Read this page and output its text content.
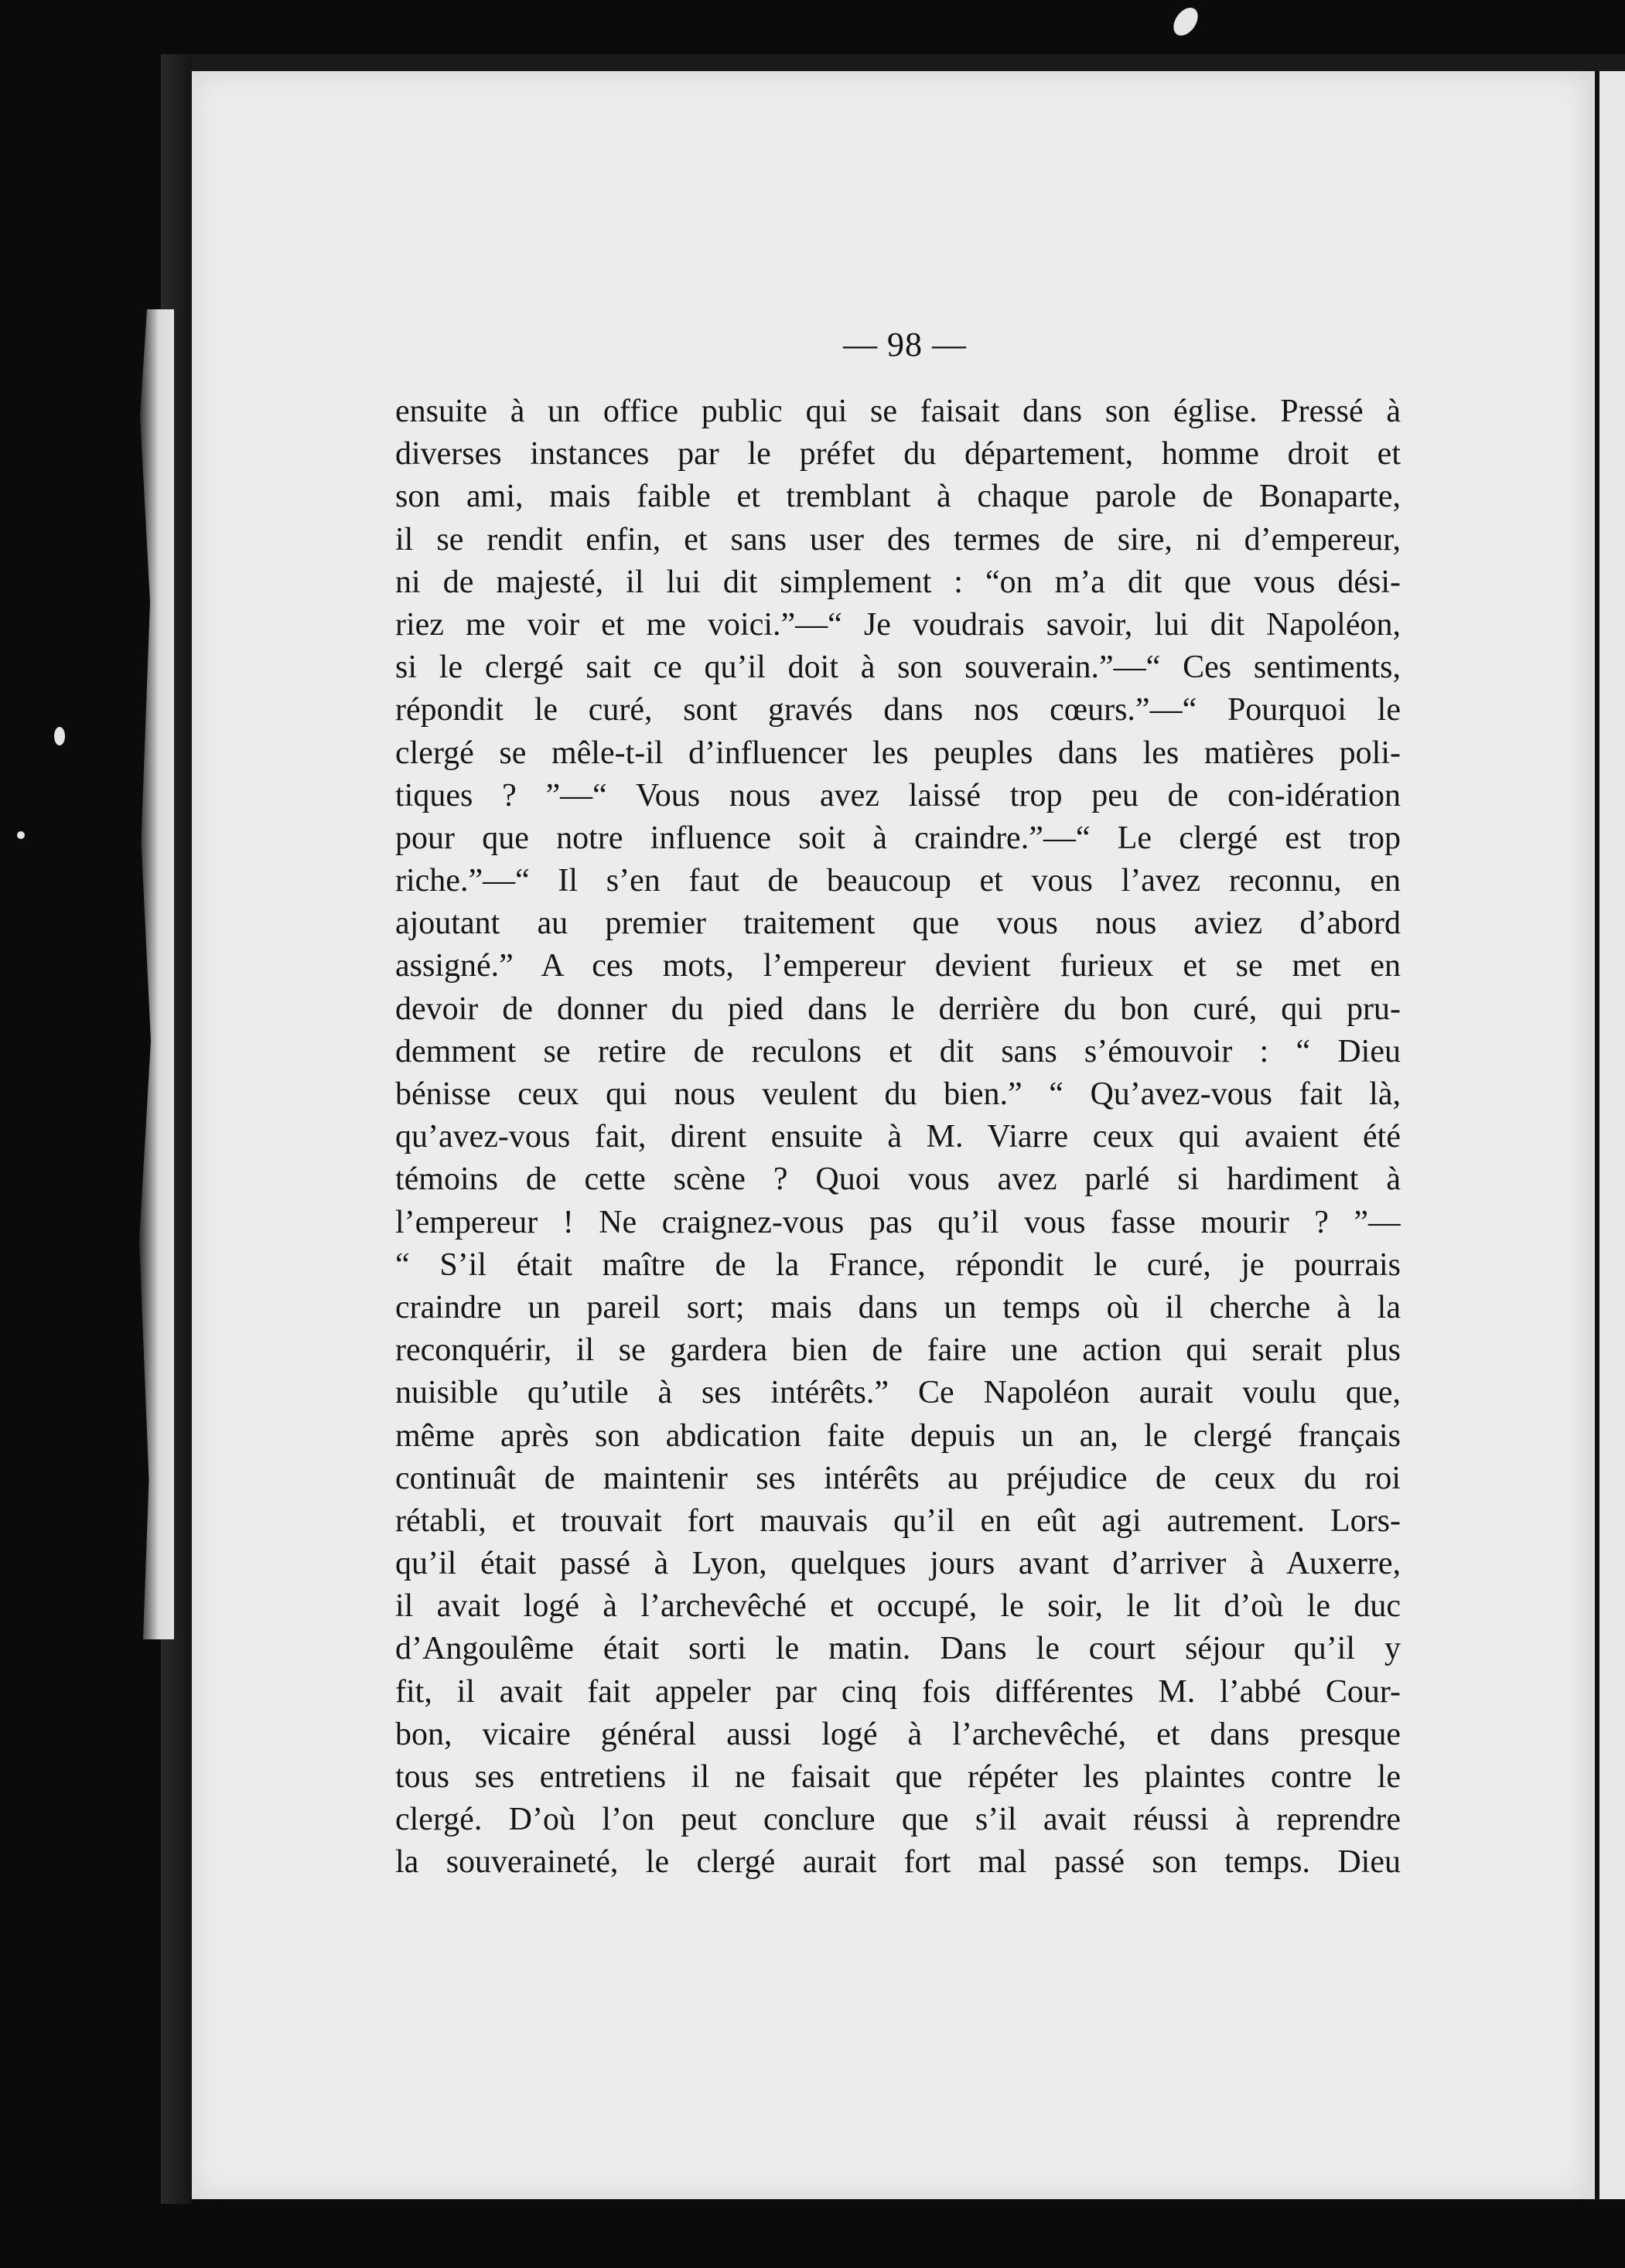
— 98 —
ensuite à un office public qui se faisait dans son église. Pressé à
diverses instances par le préfet du département, homme droit et
son ami, mais faible et tremblant à chaque parole de Bonaparte,
il se rendit enfin, et sans user des termes de sire, ni d’empereur,
ni de majesté, il lui dit simplement : “on m’a dit que vous dési-
riez me voir et me voici.”—“ Je voudrais savoir, lui dit Napoléon,
si le clergé sait ce qu’il doit à son souverain.”—“ Ces sentiments,
répondit le curé, sont gravés dans nos cœurs.”—“ Pourquoi le
clergé se mêle-t-il d’influencer les peuples dans les matières poli-
tiques ? ”—“ Vous nous avez laissé trop peu de con-idération
pour que notre influence soit à craindre.”—“ Le clergé est trop
riche.”—“ Il s’en faut de beaucoup et vous l’avez reconnu, en
ajoutant au premier traitement que vous nous aviez d’abord
assigné.” A ces mots, l’empereur devient furieux et se met en
devoir de donner du pied dans le derrière du bon curé, qui pru-
demment se retire de reculons et dit sans s’émouvoir : “ Dieu
bénisse ceux qui nous veulent du bien.” “ Qu’avez-vous fait là,
qu’avez-vous fait, dirent ensuite à M. Viarre ceux qui avaient été
témoins de cette scène ? Quoi vous avez parlé si hardiment à
l’empereur ! Ne craignez-vous pas qu’il vous fasse mourir ? ”—
“ S’il était maître de la France, répondit le curé, je pourrais
craindre un pareil sort; mais dans un temps où il cherche à la
reconquérir, il se gardera bien de faire une action qui serait plus
nuisible qu’utile à ses intérêts.” Ce Napoléon aurait voulu que,
même après son abdication faite depuis un an, le clergé français
continuât de maintenir ses intérêts au préjudice de ceux du roi
rétabli, et trouvait fort mauvais qu’il en eût agi autrement. Lors-
qu’il était passé à Lyon, quelques jours avant d’arriver à Auxerre,
il avait logé à l’archevêché et occupé, le soir, le lit d’où le duc
d’Angoulême était sorti le matin. Dans le court séjour qu’il y
fit, il avait fait appeler par cinq fois différentes M. l’abbé Cour-
bon, vicaire général aussi logé à l’archevêché, et dans presque
tous ses entretiens il ne faisait que répéter les plaintes contre le
clergé. D’où l’on peut conclure que s’il avait réussi à reprendre
la souveraineté, le clergé aurait fort mal passé son temps. Dieu
